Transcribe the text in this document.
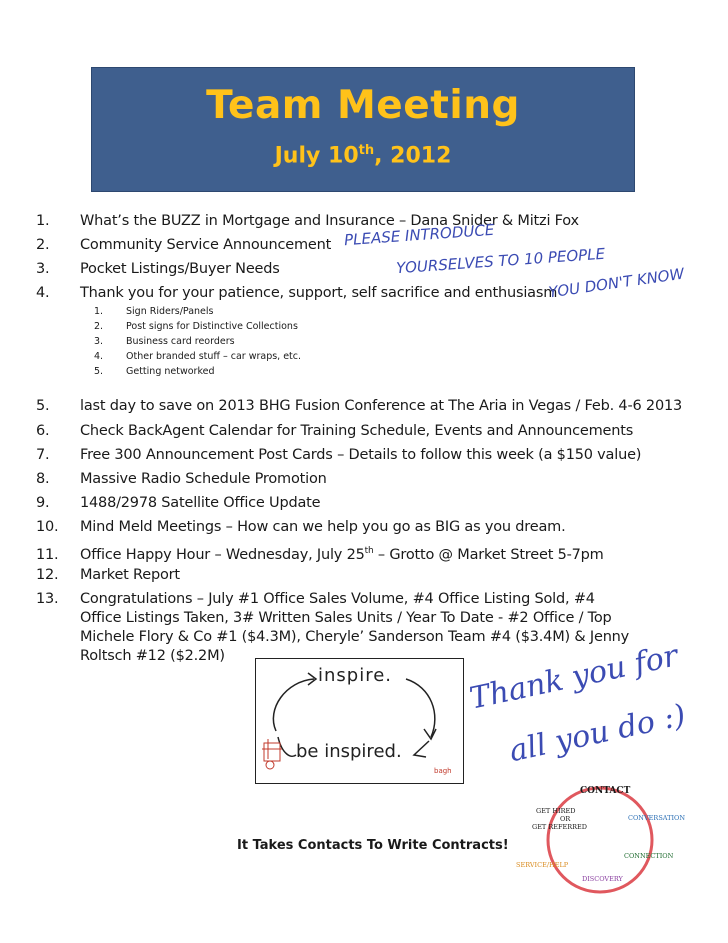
Team Meeting
July 10th, 2012
1. What’s the BUZZ in Mortgage and Insurance – Dana Snider & Mitzi Fox
2. Community Service Announcement
3. Pocket Listings/Buyer Needs
4. Thank you for your patience, support, self sacrifice and enthusiasm
1. Sign Riders/Panels
2. Post signs for Distinctive Collections
3. Business card reorders
4. Other branded stuff – car wraps, etc.
5. Getting networked
5. last day to save on 2013 BHG Fusion Conference at The Aria in Vegas / Feb. 4-6 2013
6. Check BackAgent Calendar for Training Schedule, Events and Announcements
7. Free 300 Announcement Post Cards – Details to follow this week (a $150 value)
8. Massive Radio Schedule Promotion
9. 1488/2978 Satellite Office Update
10. Mind Meld Meetings – How can we help you go as BIG as you dream.
11. Office Happy Hour – Wednesday, July 25th – Grotto @ Market Street 5-7pm
12. Market Report
13. Congratulations – July #1 Office Sales Volume, #4 Office Listing Sold, #4 Office Listings Taken, 3# Written Sales Units / Year To Date - #2 Office / Top Michele Flory & Co #1 ($4.3M), Cheryle’ Sanderson Team #4 ($3.4M) & Jenny Roltsch #12 ($2.2M)
PLEASE INTRODUCE
YOURSELVES TO 10 PEOPLE
YOU DON'T KNOW
inspire.
be inspired.
bagh
Thank you for
all you do :)
CONTACT
GET HIRED
OR
GET REFERRED
CONVERSATION
CONNECTION
SERVICE/HELP
DISCOVERY
It Takes Contacts To Write Contracts!
